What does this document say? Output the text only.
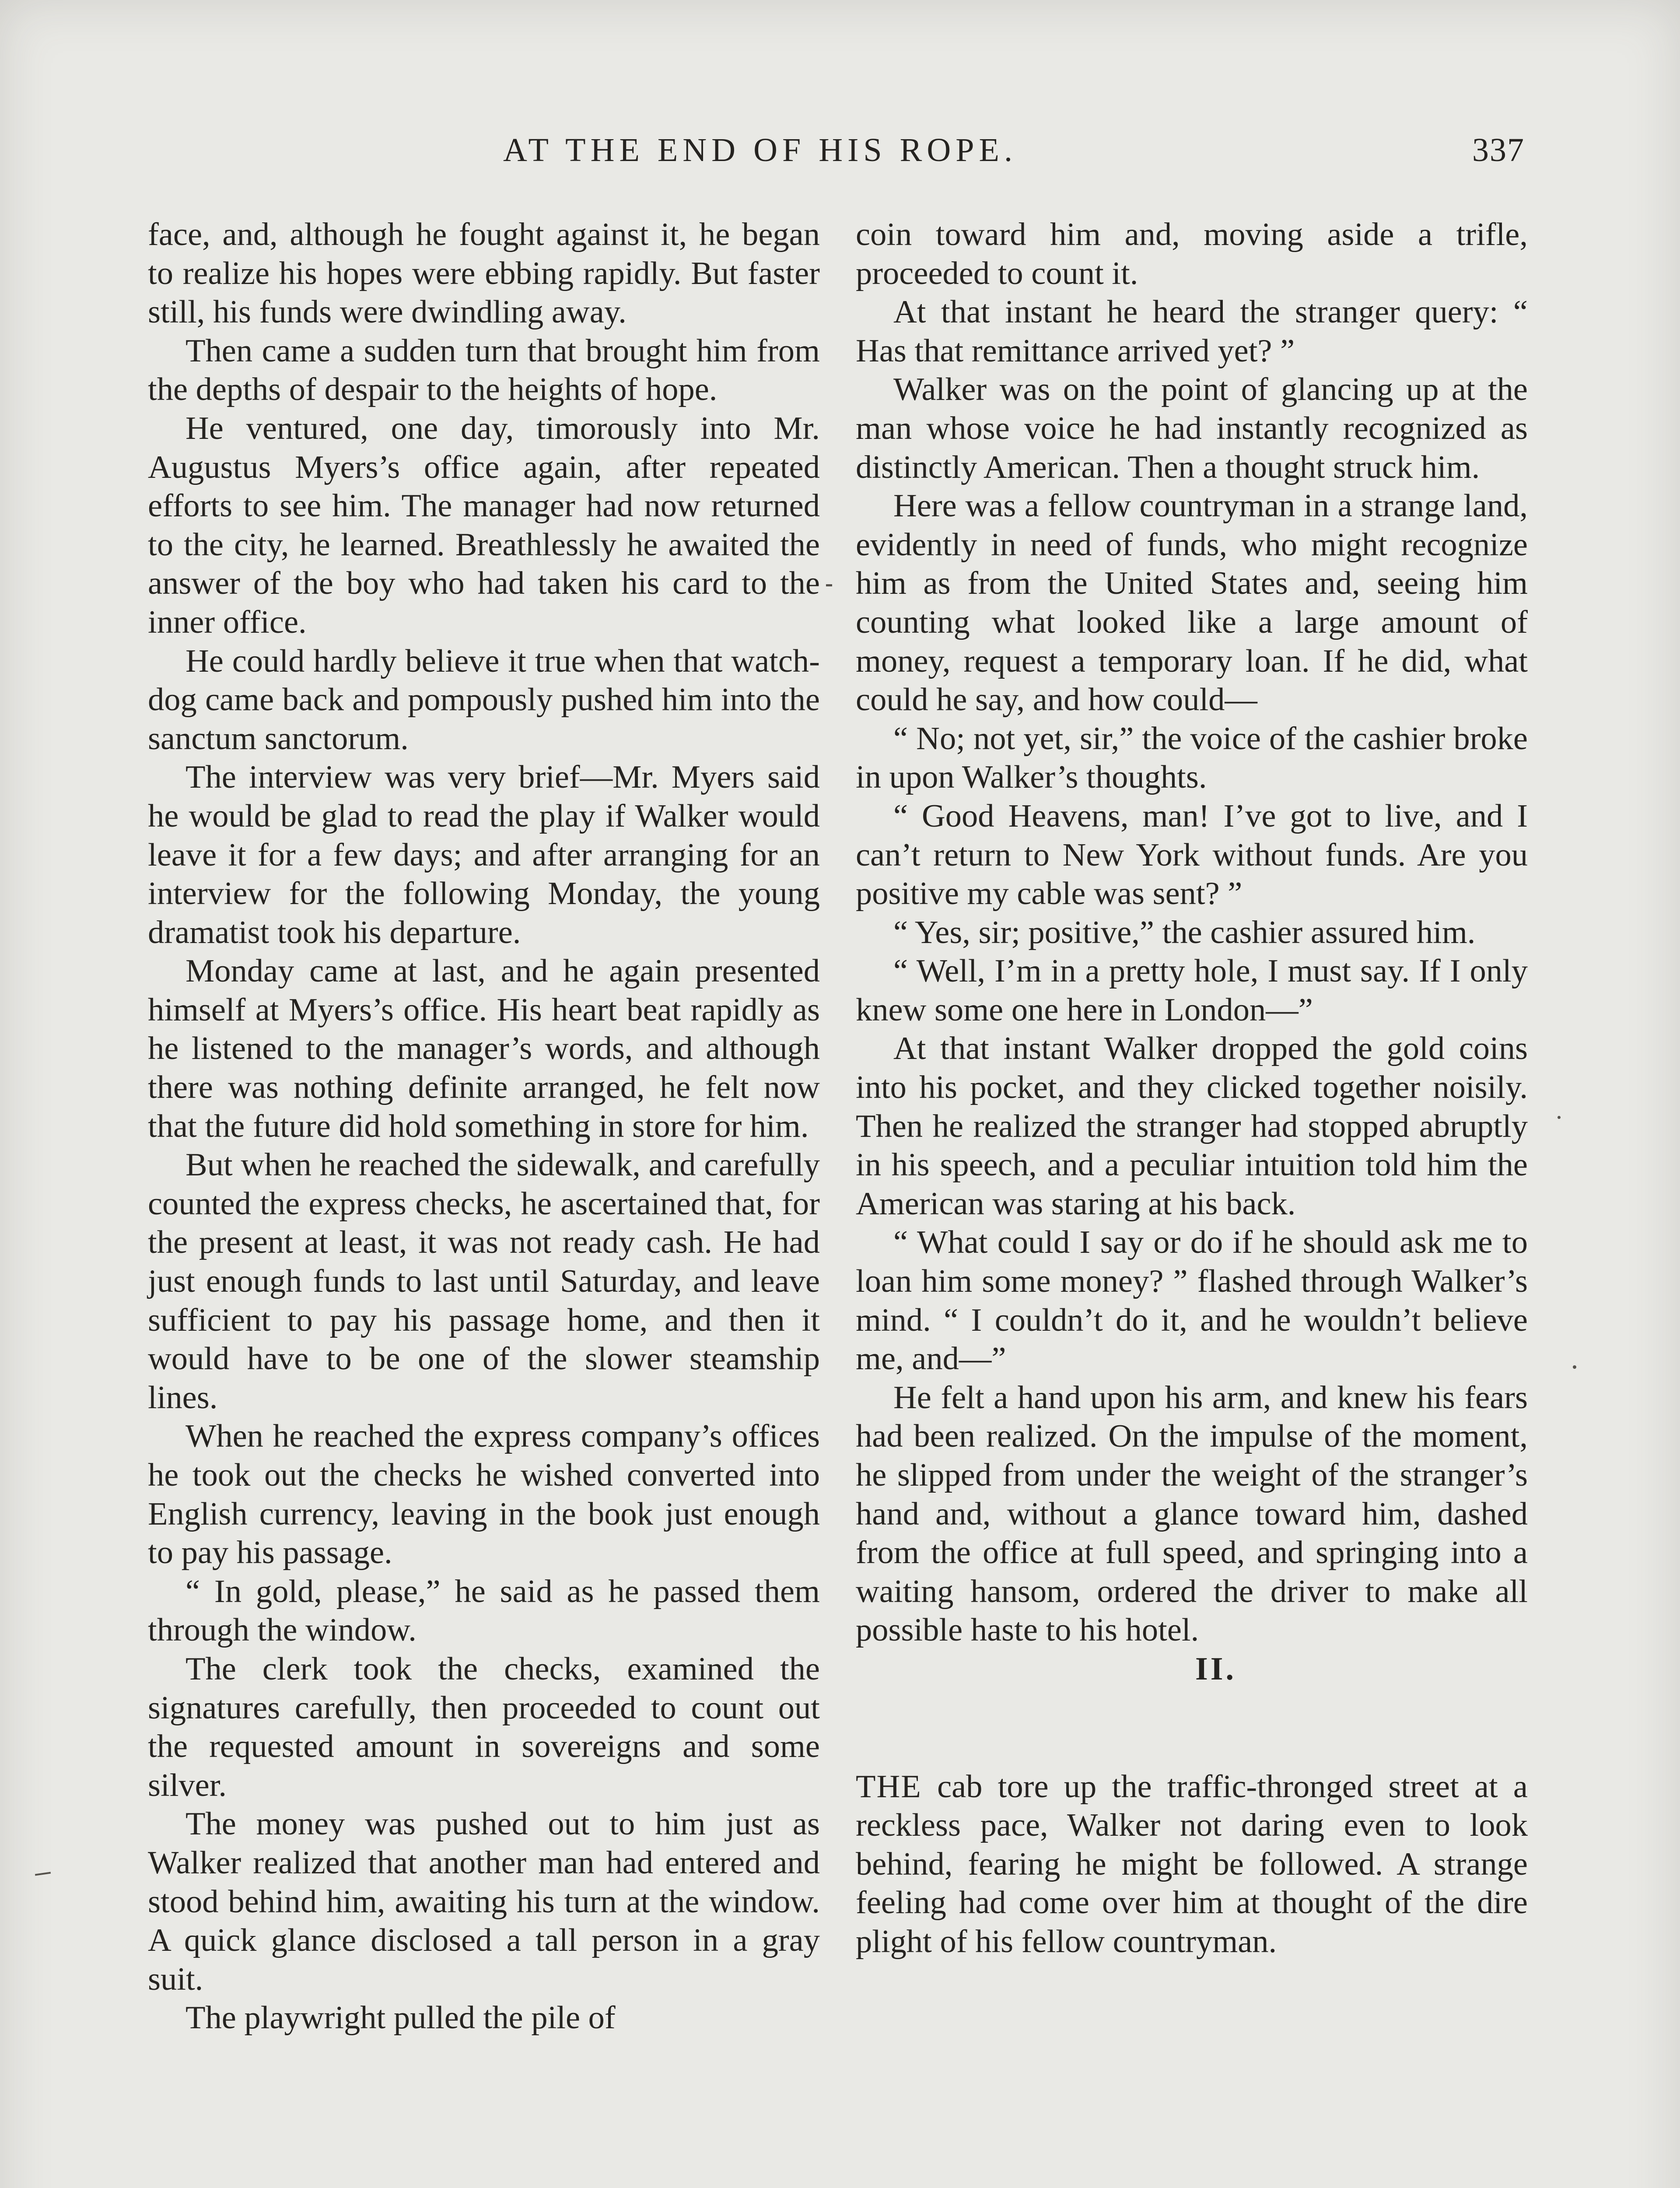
AT THE END OF HIS ROPE.	337

face, and, although he fought against it, he began to realize his hopes were ebbing rapidly. But faster still, his funds were dwindling away.

Then came a sudden turn that brought him from the depths of despair to the heights of hope.

He ventured, one day, timorously into Mr. Augustus Myers’s office again, after repeated efforts to see him. The manager had now returned to the city, he learned. Breathlessly he awaited the answer of the boy who had taken his card to the inner office.

He could hardly believe it true when that watch-dog came back and pompously pushed him into the sanctum sanctorum.

The interview was very brief—Mr. Myers said he would be glad to read the play if Walker would leave it for a few days; and after arranging for an interview for the following Monday, the young dramatist took his departure.

Monday came at last, and he again presented himself at Myers’s office. His heart beat rapidly as he listened to the manager’s words, and although there was nothing definite arranged, he felt now that the future did hold something in store for him.

But when he reached the sidewalk, and carefully counted the express checks, he ascertained that, for the present at least, it was not ready cash. He had just enough funds to last until Saturday, and leave sufficient to pay his passage home, and then it would have to be one of the slower steamship lines.

When he reached the express company’s offices he took out the checks he wished converted into English currency, leaving in the book just enough to pay his passage.

“ In gold, please,” he said as he passed them through the window.

The clerk took the checks, examined the signatures carefully, then proceeded to count out the requested amount in sovereigns and some silver.

The money was pushed out to him just as Walker realized that another man had entered and stood behind him, awaiting his turn at the window. A quick glance disclosed a tall person in a gray suit.

The playwright pulled the pile of

coin toward him and, moving aside a trifle, proceeded to count it.

At that instant he heard the stranger query: “ Has that remittance arrived yet? ”

Walker was on the point of glancing up at the man whose voice he had instantly recognized as distinctly American. Then a thought struck him.

Here was a fellow countryman in a strange land, evidently in need of funds, who might recognize him as from the United States and, seeing him counting what looked like a large amount of money, request a temporary loan. If he did, what could he say, and how could—

“ No; not yet, sir,” the voice of the cashier broke in upon Walker’s thoughts.

“ Good Heavens, man! I’ve got to live, and I can’t return to New York without funds. Are you positive my cable was sent? ”

“ Yes, sir; positive,” the cashier assured him.

“ Well, I’m in a pretty hole, I must say. If I only knew some one here in London—”

At that instant Walker dropped the gold coins into his pocket, and they clicked together noisily. Then he realized the stranger had stopped abruptly in his speech, and a peculiar intuition told him the American was staring at his back.

“ What could I say or do if he should ask me to loan him some money? ” flashed through Walker’s mind. “ I couldn’t do it, and he wouldn’t believe me, and—”

He felt a hand upon his arm, and knew his fears had been realized. On the impulse of the moment, he slipped from under the weight of the stranger’s hand and, without a glance toward him, dashed from the office at full speed, and springing into a waiting hansom, ordered the driver to make all possible haste to his hotel.

II.

THE cab tore up the traffic-thronged street at a reckless pace, Walker not daring even to look behind, fearing he might be followed. A strange feeling had come over him at thought of the dire plight of his fellow countryman.
